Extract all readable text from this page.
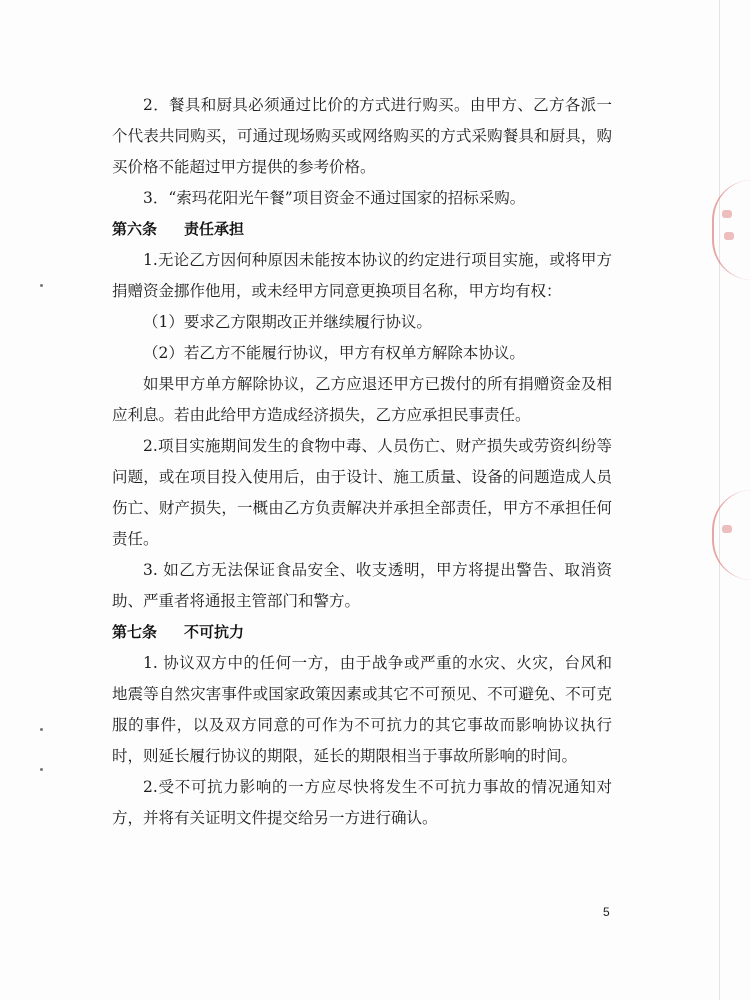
2．餐具和厨具必须通过比价的方式进行购买。由甲方、乙方各派一个代表共同购买，可通过现场购买或网络购买的方式采购餐具和厨具，购买价格不能超过甲方提供的参考价格。

3．“索玛花阳光午餐”项目资金不通过国家的招标采购。

第六条 责任承担

1.无论乙方因何种原因未能按本协议的约定进行项目实施，或将甲方捐赠资金挪作他用，或未经甲方同意更换项目名称，甲方均有权：

（1）要求乙方限期改正并继续履行协议。

（2）若乙方不能履行协议，甲方有权单方解除本协议。

如果甲方单方解除协议，乙方应退还甲方已拨付的所有捐赠资金及相应利息。若由此给甲方造成经济损失，乙方应承担民事责任。

2.项目实施期间发生的食物中毒、人员伤亡、财产损失或劳资纠纷等问题，或在项目投入使用后，由于设计、施工质量、设备的问题造成人员伤亡、财产损失，一概由乙方负责解决并承担全部责任，甲方不承担任何责任。

3. 如乙方无法保证食品安全、收支透明，甲方将提出警告、取消资助、严重者将通报主管部门和警方。

第七条 不可抗力

1. 协议双方中的任何一方，由于战争或严重的水灾、火灾，台风和地震等自然灾害事件或国家政策因素或其它不可预见、不可避免、不可克服的事件，以及双方同意的可作为不可抗力的其它事故而影响协议执行时，则延长履行协议的期限，延长的期限相当于事故所影响的时间。

2.受不可抗力影响的一方应尽快将发生不可抗力事故的情况通知对方，并将有关证明文件提交给另一方进行确认。

5
